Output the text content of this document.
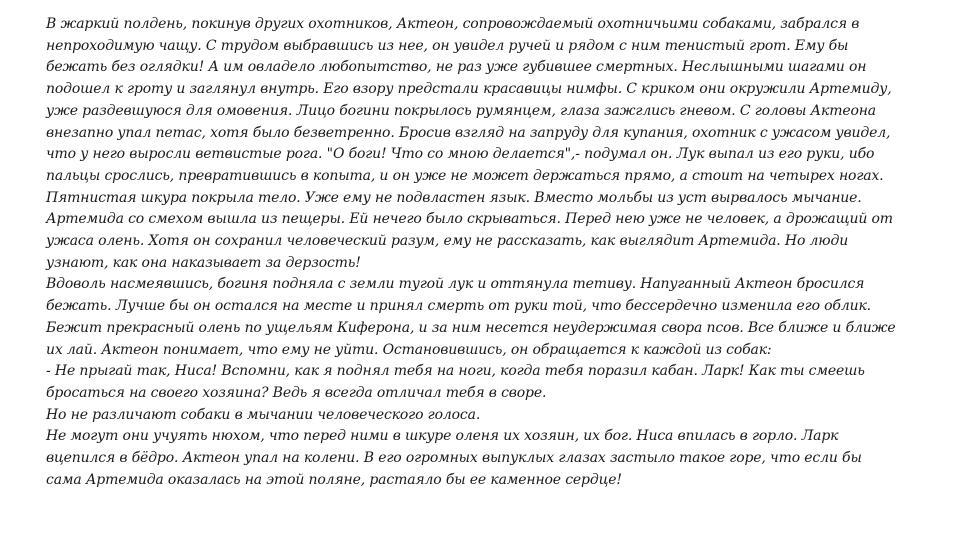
В жаркий полдень, покинув других охотников, Актеон, сопровождаемый охотничьими собаками, забрался в непроходимую чащу. С трудом выбравшись из нее, он увидел ручей и рядом с ним тенистый грот. Ему бы бежать без оглядки! А им овладело любопытство, не раз уже губившее смертных. Неслышными шагами он подошел к гроту и заглянул внутрь. Его взору предстали красавицы нимфы. С криком они окружили Артемиду, уже раздевшуюся для омовения. Лицо богини покрылось румянцем, глаза зажглись гневом. С головы Актеона внезапно упал петас, хотя было безветренно. Бросив взгляд на запруду для купания, охотник с ужасом увидел, что у него выросли ветвистые рога. "О боги! Что со мною делается",- подумал он. Лук выпал из его руки, ибо пальцы срослись, превратившись в копыта, и он уже не может держаться прямо, а стоит на четырех ногах. Пятнистая шкура покрыла тело. Уже ему не подвластен язык. Вместо мольбы из уст вырвалось мычание. Артемида со смехом вышла из пещеры. Ей нечего было скрываться. Перед нею уже не человек, а дрожащий от ужаса олень. Хотя он сохранил человеческий разум, ему не рассказать, как выглядит Артемида. Но люди узнают, как она наказывает за дерзость!

Вдоволь насмеявшись, богиня подняла с земли тугой лук и оттянула тетиву. Напуганный Актеон бросился бежать. Лучше бы он остался на месте и принял смерть от руки той, что бессердечно изменила его облик.

Бежит прекрасный олень по ущельям Киферона, и за ним несется неудержимая свора псов. Все ближе и ближе их лай. Актеон понимает, что ему не уйти. Остановившись, он обращается к каждой из собак:

- Не прыгай так, Ниса! Вспомни, как я поднял тебя на ноги, когда тебя поразил кабан. Ларк! Как ты смеешь бросаться на своего хозяина? Ведь я всегда отличал тебя в своре.

Но не различают собаки в мычании человеческого голоса.

Не могут они учуять нюхом, что перед ними в шкуре оленя их хозяин, их бог. Ниса впилась в горло. Ларк вцепился в бёдро. Актеон упал на колени. В его огромных выпуклых глазах застыло такое горе, что если бы сама Артемида оказалась на этой поляне, растаяло бы ее каменное сердце!
